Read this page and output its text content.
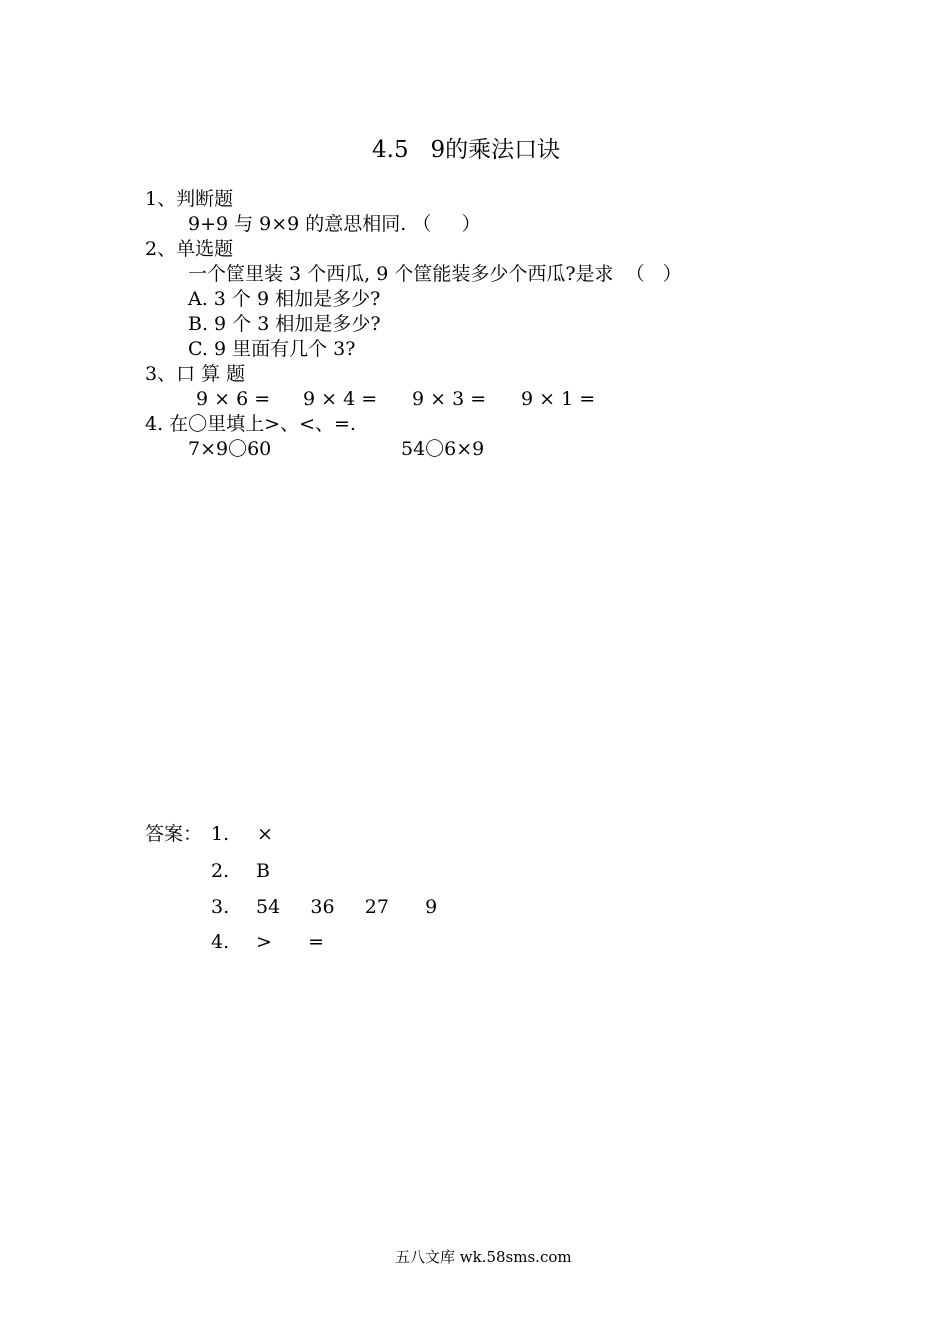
4.5   9的乘法口诀
1、判断题
9+9 与 9×9 的意思相同. （     ）
2、单选题
一个筐里装 3 个西瓜, 9 个筐能装多少个西瓜?是求  （   ）
A. 3 个 9 相加是多少?
B. 9 个 3 相加是多少?
C. 9 里面有几个 3?
3、口 算 题
9 × 6 = 9 × 4 = 9 × 3 = 9 × 1 =
4. 在〇里填上>、<、=.
7×9〇60	54〇6×9
答案： 1. ×
2. B
3. 54     36     27      9
4. >      =
五八文库 wk.58sms.com
